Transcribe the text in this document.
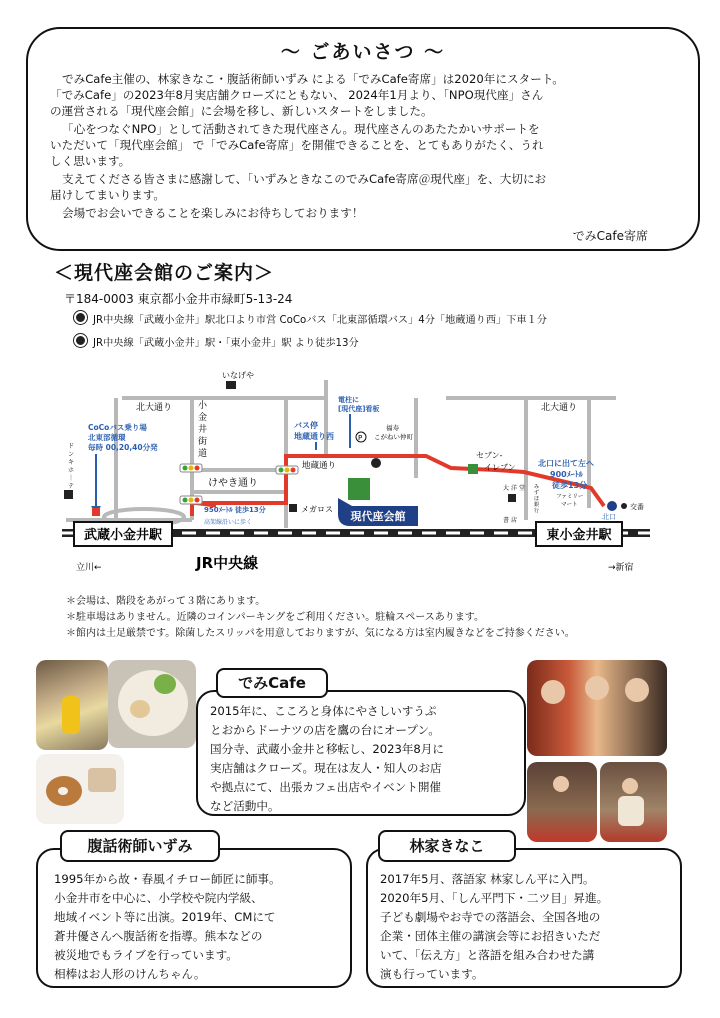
〜 ごあいさつ 〜
でみCafe主催の、林家きなこ・腹話術師いずみ による「でみCafe寄席」は2020年にスタート。
「でみCafe」の2023年8月実店舗クローズにともない、 2024年1月より、「NPO現代座」さん
の運営される「現代座会館」に会場を移し、新しいスタートをしました。
「心をつなぐNPO」として活動されてきた現代座さん。現代座さんのあたたかいサポートを
いただいて「現代座会館」 で「でみCafe寄席」を開催できることを、とてもありがたく、うれ
しく思います。
支えてくださる皆さまに感謝して、「いずみときなこのでみCafe寄席＠現代座」を、大切にお
届けしてまいります。
会場でお会いできることを楽しみにお待ちしております！
でみCafe寄席
＜現代座会館のご案内＞
〒184-0003 東京都小金井市緑町5-13-24
JR中央線「武蔵小金井」駅北口より市営 CoCoバス「北東部循環バス」4分「地蔵通り西」下車１分
JR中央線「武蔵小金井」駅・「東小金井」駅 より徒歩13分
武蔵小金井駅	東小金井駅
JR中央線
立川←	→新宿
いなげや
北大通り	北大通り
小
金
井
街
道
CoCoバス乗り場
北東部循環
毎時 00,20,40分発
ド
ン
キ
ホ
｜
テ
バス停
地蔵通り西
電柱に
[現代座]看板
P
福寿
こがねい仲町
地蔵通り
けやき通り
950ﾒｰﾄﾙ 徒歩13分
高架線沿いに歩く
メガロス
現代座会館
セブン-
イレブン
大 洋 堂
書 店
み
ず
ほ
銀
行
ファミリー
マート
北口に出て左へ
900ﾒｰﾄﾙ
徒歩13分
交番
北口
＊会場は、階段をあがって３階にあります。
＊駐車場はありません。近隣のコインパーキングをご利用ください。駐輪スペースあります。
＊館内は土足厳禁です。除菌したスリッパを用意しておりますが、気になる方は室内履きなどをご持参ください。
でみCafe
2015年に、こころと身体にやさしいすうぷ
とおからドーナツの店を鷹の台にオープン。
国分寺、武蔵小金井と移転し、2023年8月に
実店舗はクローズ。現在は友人・知人のお店
や拠点にて、出張カフェ出店やイベント開催
など活動中。
腹話術師いずみ
1995年から故・春風イチロー師匠に師事。
小金井市を中心に、小学校や院内学級、
地域イベント等に出演。2019年、CMにて
蒼井優さんへ腹話術を指導。熊本などの
被災地でもライブを行っています。
相棒はお人形のけんちゃん。
林家きなこ
2017年5月、落語家 林家しん平に入門。
2020年5月、「しん平門下・二ツ目」昇進。
子ども劇場やお寺での落語会、全国各地の
企業・団体主催の講演会等にお招きいただ
いて、「伝え方」と落語を組み合わせた講
演も行っています。
